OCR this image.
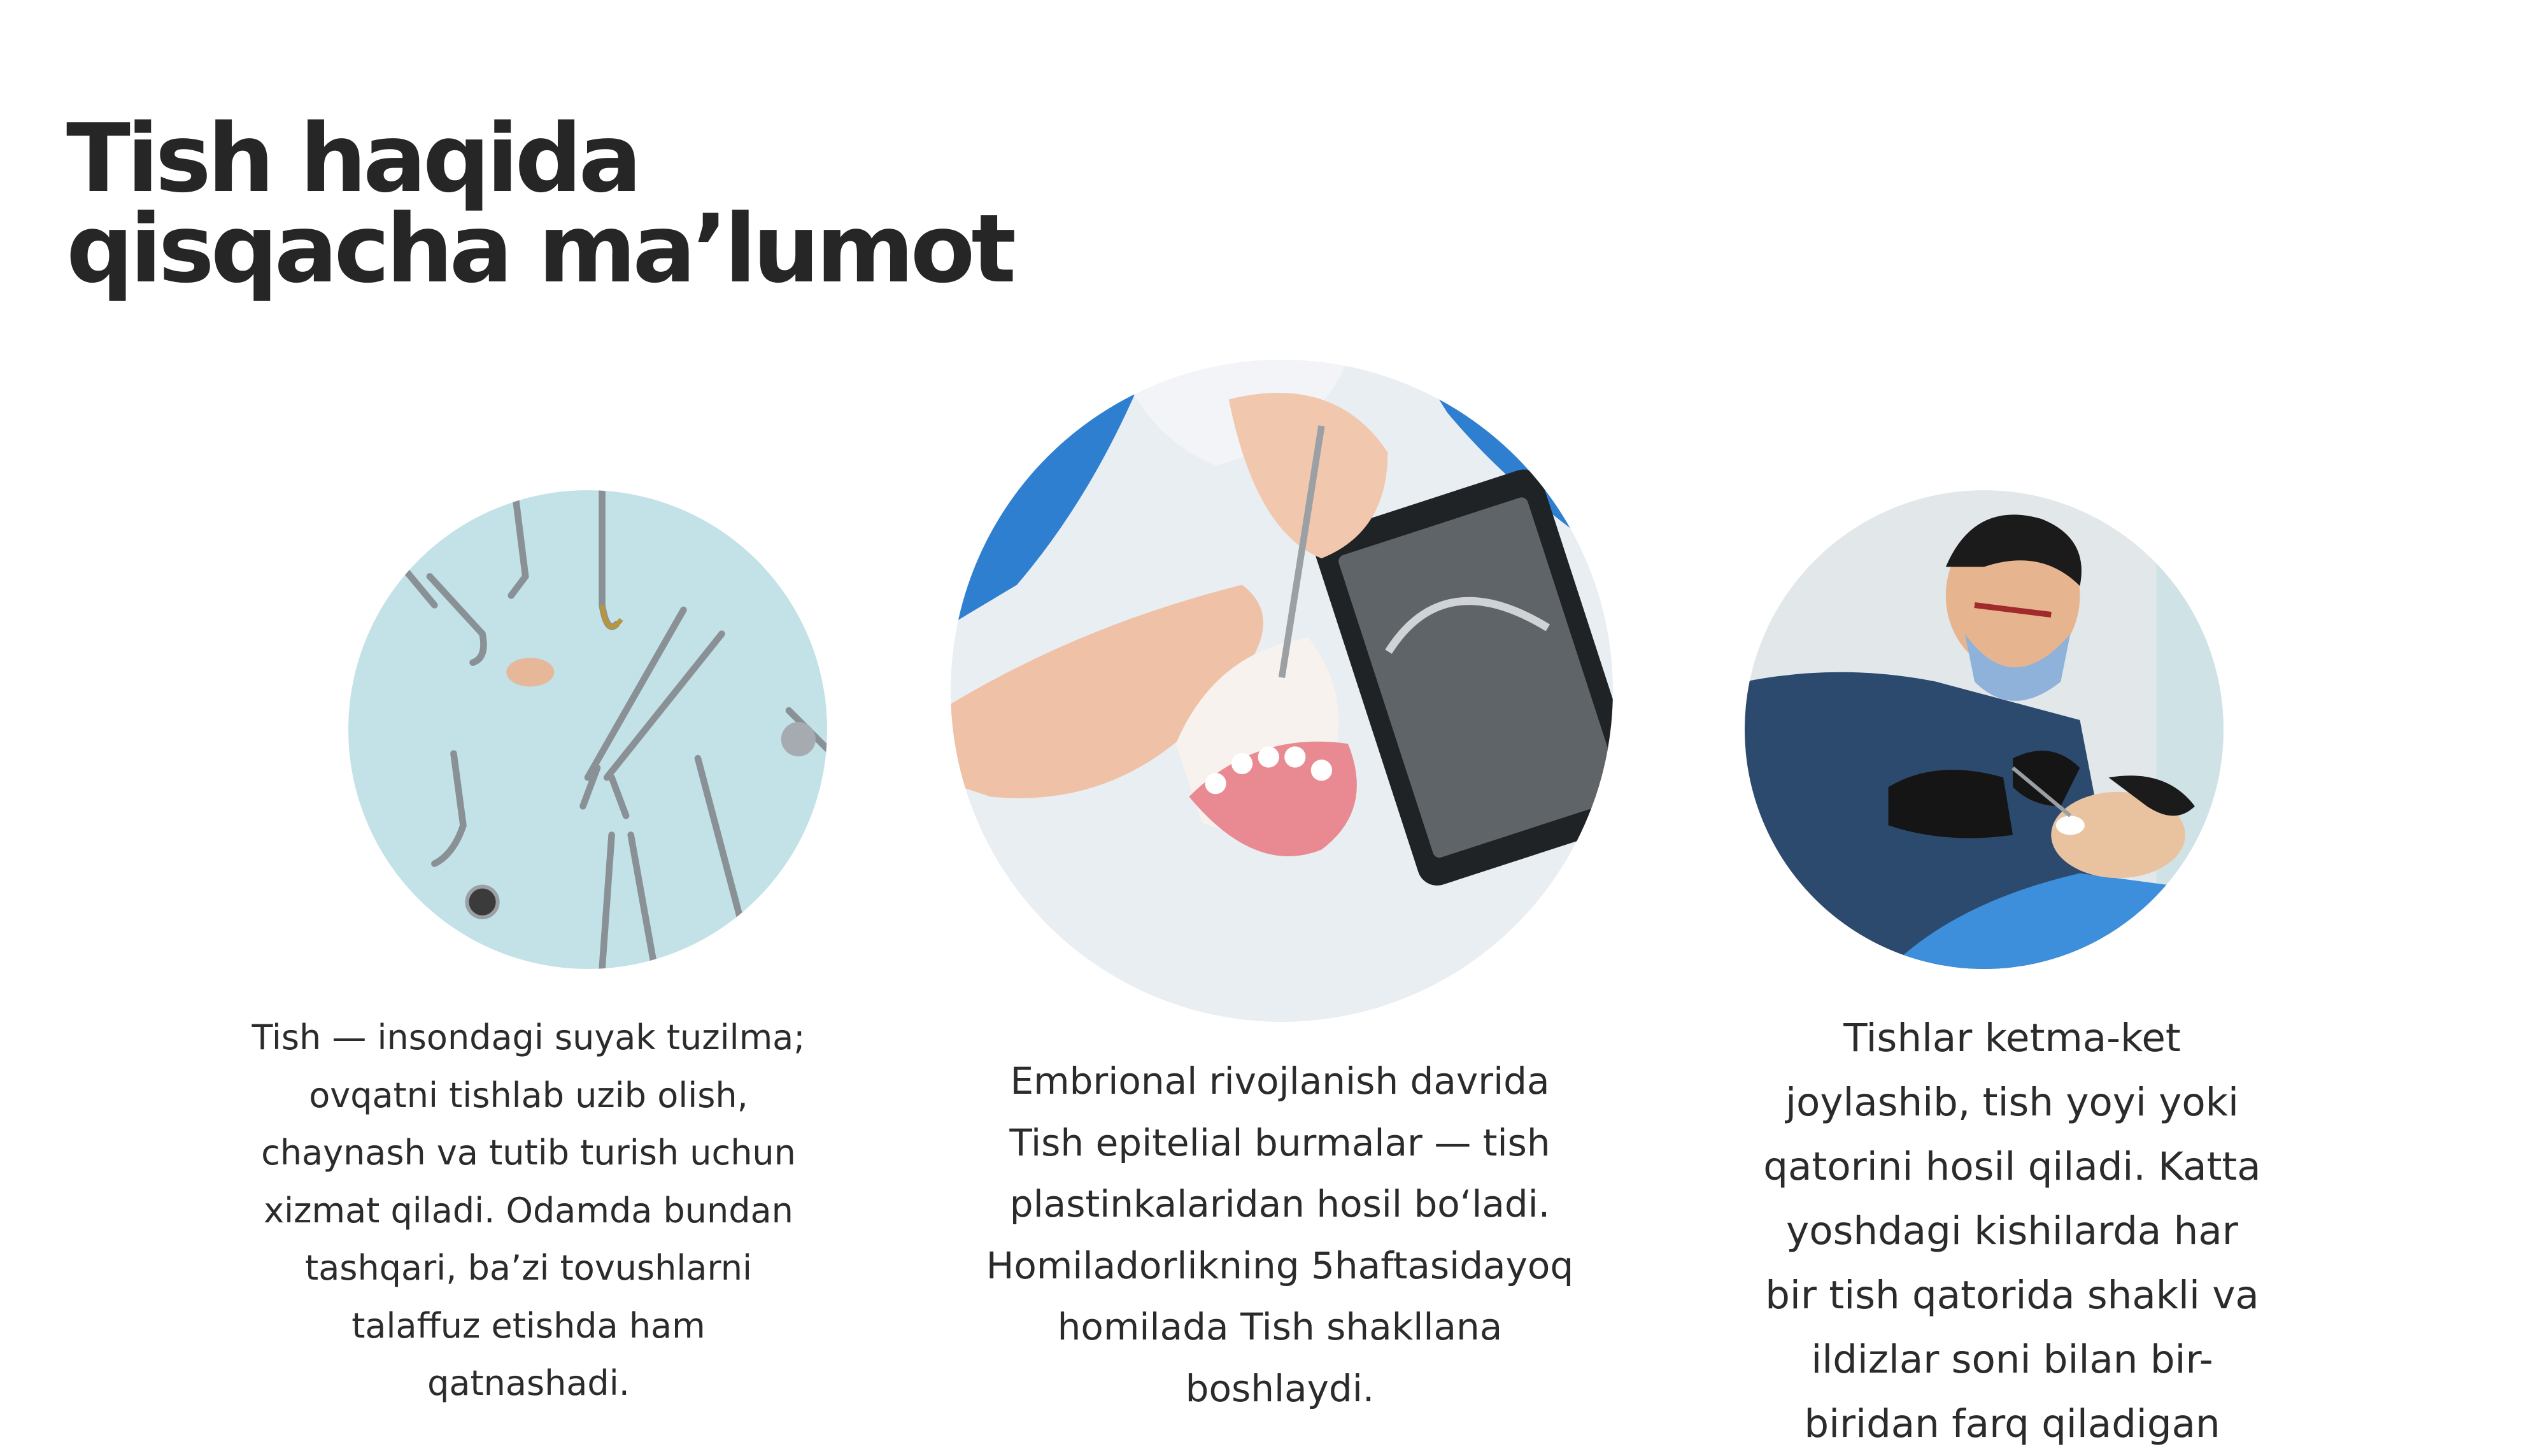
Tish haqida
qisqacha ma’lumot

Tish — insondagi suyak tuzilma;
ovqatni tishlab uzib olish,
chaynash va tutib turish uchun
xizmat qiladi. Odamda bundan
tashqari, ba’zi tovushlarni
talaffuz etishda ham
qatnashadi.

Embrional rivojlanish davrida
Tish epitelial burmalar — tish
plastinkalaridan hosil bo‘ladi.
Homiladorlikning 5haftasidayoq
homilada Tish shakllana
boshlaydi.

Tishlar ketma-ket
joylashib, tish yoyi yoki
qatorini hosil qiladi. Katta
yoshdagi kishilarda har
bir tish qatorida shakli va
ildizlar soni bilan bir-
biridan farq qiladigan
